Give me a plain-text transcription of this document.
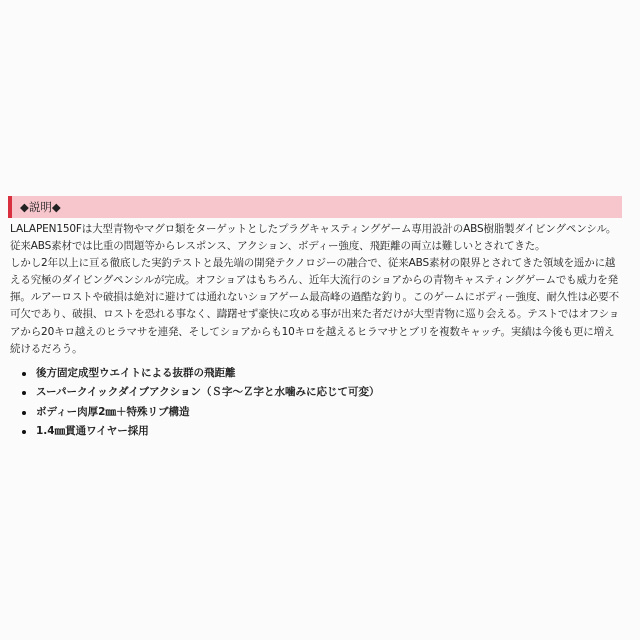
◆説明◆
LALAPEN150Fは大型青物やマグロ類をターゲットとしたプラグキャスティングゲーム専用設計のABS樹脂製ダイビングペンシル。
従来ABS素材では比重の問題等からレスポンス、アクション、ボディー強度、飛距離の両立は難しいとされてきた。
しかし2年以上に亘る徹底した実釣テストと最先端の開発テクノロジーの融合で、従来ABS素材の限界とされてきた領域を遥かに越
える究極のダイビングペンシルが完成。オフショアはもちろん、近年大流行のショアからの青物キャスティングゲームでも威力を発
揮。ルアーロストや破損は絶対に避けては通れないショアゲーム最高峰の過酷な釣り。このゲームにボディー強度、耐久性は必要不
可欠であり、破損、ロストを恐れる事なく、躊躇せず豪快に攻める事が出来た者だけが大型青物に巡り会える。テストではオフショ
アから20キロ越えのヒラマサを連発、そしてショアからも10キロを越えるヒラマサとブリを複数キャッチ。実績は今後も更に増え
続けるだろう。
後方固定成型ウエイトによる抜群の飛距離
スーパークイックダイブアクション（Ｓ字～Ｚ字と水噛みに応じて可変）
ボディー肉厚2㎜＋特殊リブ構造
1.4㎜貫通ワイヤー採用
